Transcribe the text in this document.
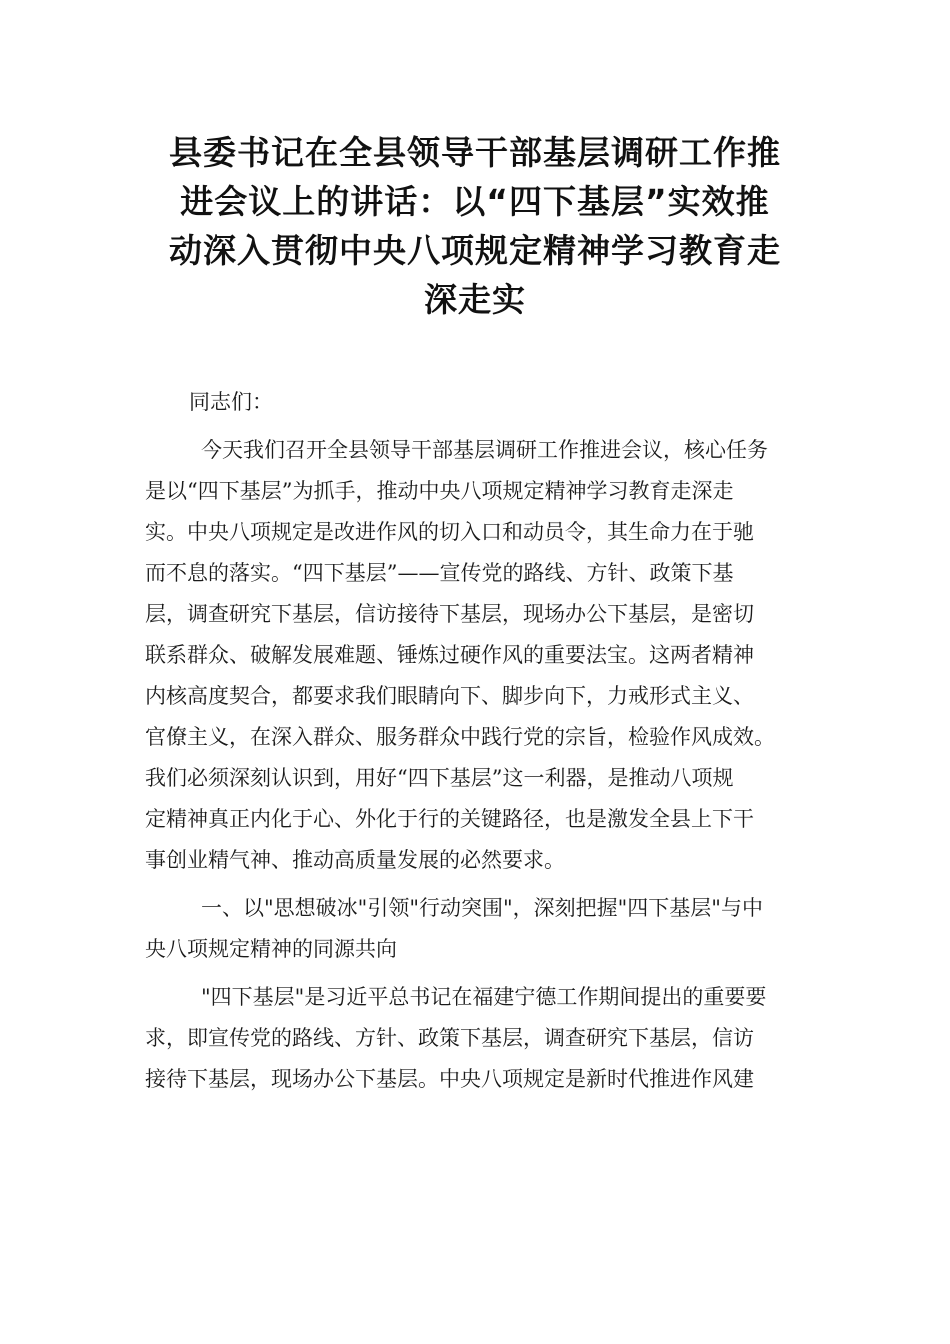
县委书记在全县领导干部基层调研工作推
进会议上的讲话：以“四下基层”实效推
动深入贯彻中央八项规定精神学习教育走
深走实

同志们：

今天我们召开全县领导干部基层调研工作推进会议，核心任务
是以“四下基层”为抓手，推动中央八项规定精神学习教育走深走
实。中央八项规定是改进作风的切入口和动员令，其生命力在于驰
而不息的落实。“四下基层”——宣传党的路线、方针、政策下基
层，调查研究下基层，信访接待下基层，现场办公下基层，是密切
联系群众、破解发展难题、锤炼过硬作风的重要法宝。这两者精神
内核高度契合，都要求我们眼睛向下、脚步向下，力戒形式主义、
官僚主义，在深入群众、服务群众中践行党的宗旨，检验作风成效。
我们必须深刻认识到，用好“四下基层”这一利器，是推动八项规
定精神真正内化于心、外化于行的关键路径，也是激发全县上下干
事创业精气神、推动高质量发展的必然要求。

一、以"思想破冰"引领"行动突围"，深刻把握"四下基层"与中
央八项规定精神的同源共向

"四下基层"是习近平总书记在福建宁德工作期间提出的重要要
求，即宣传党的路线、方针、政策下基层，调查研究下基层，信访
接待下基层，现场办公下基层。中央八项规定是新时代推进作风建
